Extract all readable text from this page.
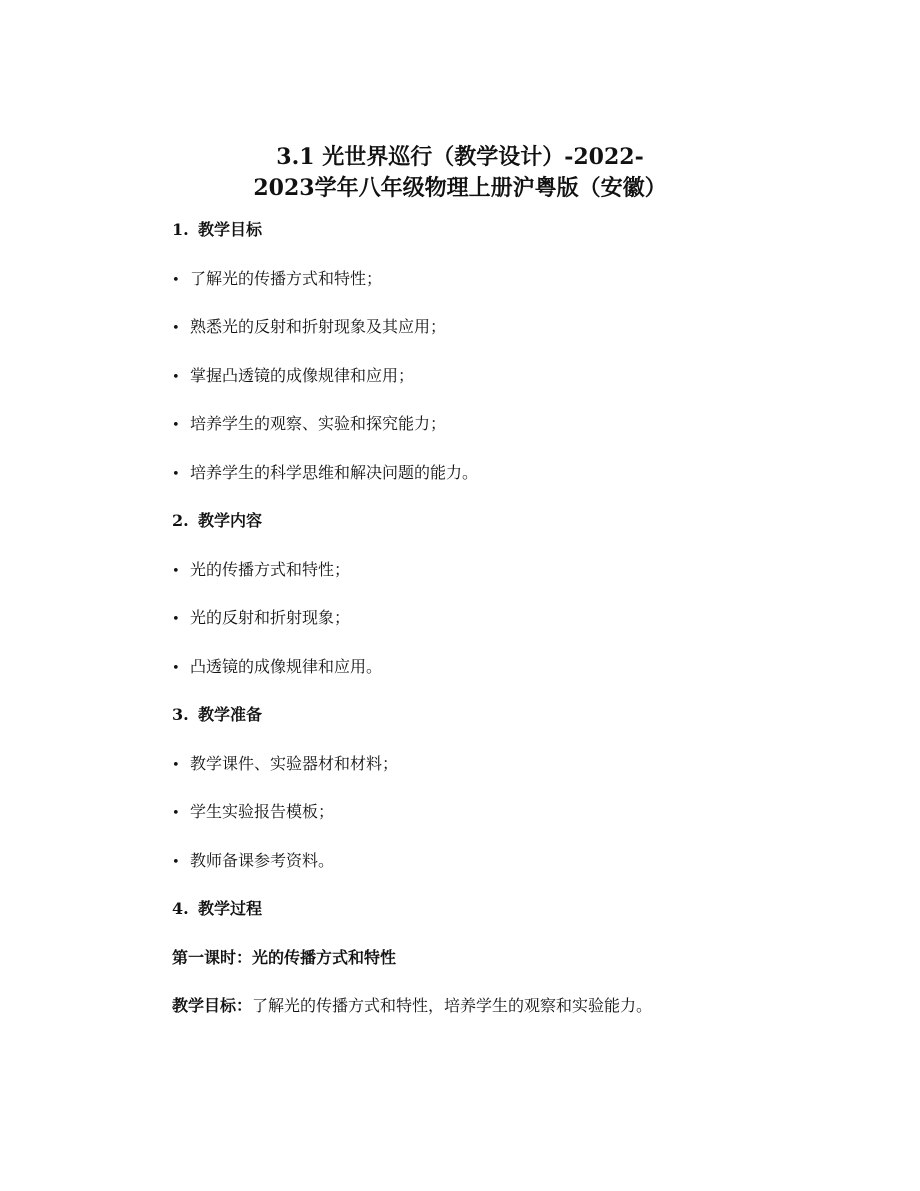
3.1 光世界巡行（教学设计）-2022-
2023学年八年级物理上册沪粤版（安徽）
1. 教学目标
• 了解光的传播方式和特性；
• 熟悉光的反射和折射现象及其应用；
• 掌握凸透镜的成像规律和应用；
• 培养学生的观察、实验和探究能力；
• 培养学生的科学思维和解决问题的能力。
2. 教学内容
• 光的传播方式和特性；
• 光的反射和折射现象；
• 凸透镜的成像规律和应用。
3. 教学准备
• 教学课件、实验器材和材料；
• 学生实验报告模板；
• 教师备课参考资料。
4. 教学过程
第一课时：光的传播方式和特性
教学目标：了解光的传播方式和特性，培养学生的观察和实验能力。
